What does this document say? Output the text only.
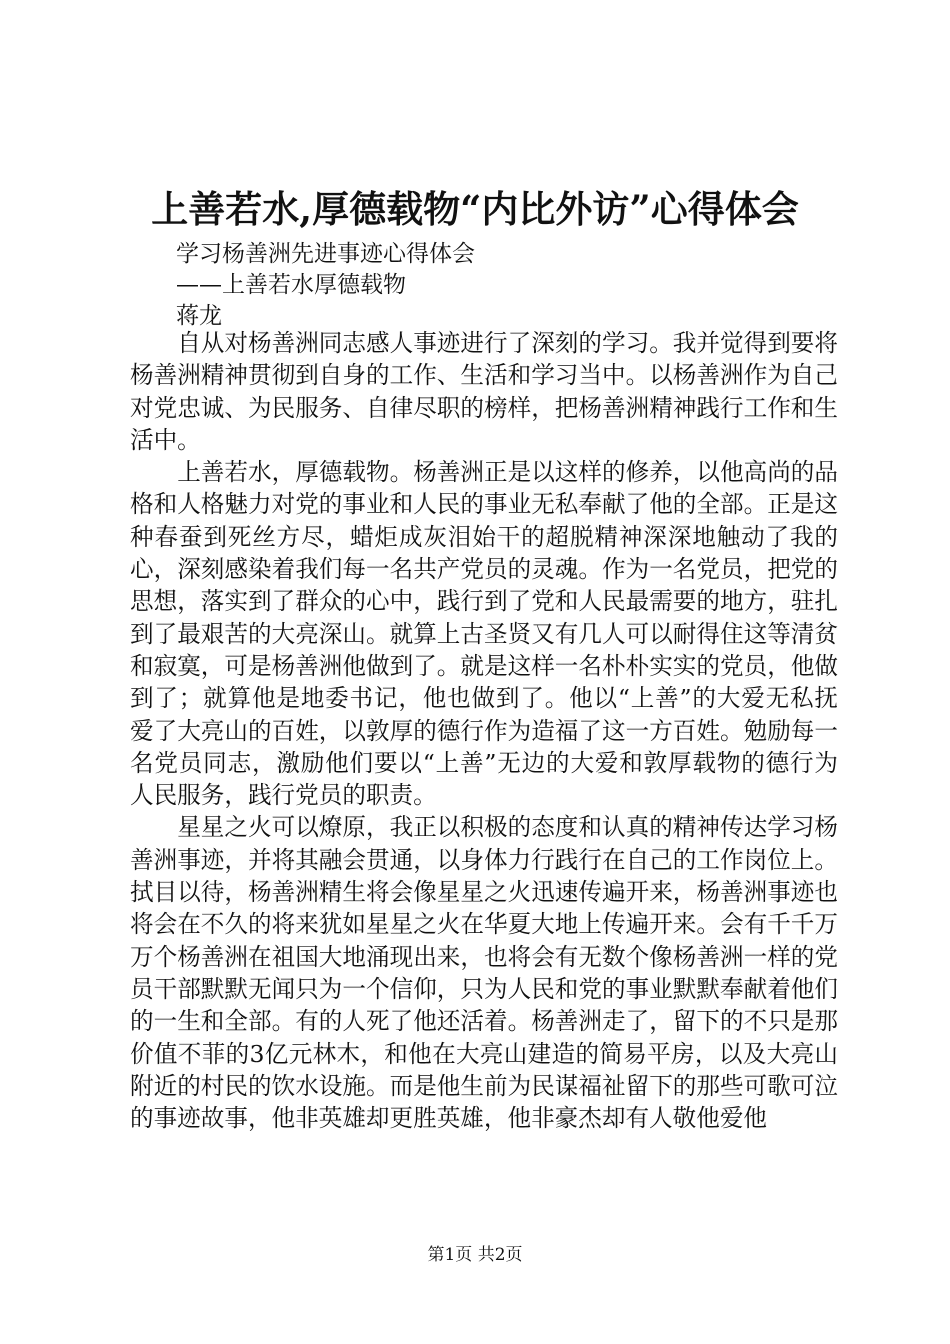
上善若水,厚德载物“内比外访”心得体会
学习杨善洲先进事迹心得体会
——上善若水厚德载物
蒋龙

自从对杨善洲同志感人事迹进行了深刻的学习。我并觉得到要将杨善洲精神贯彻到自身的工作、生活和学习当中。以杨善洲作为自己对党忠诚、为民服务、自律尽职的榜样，把杨善洲精神践行工作和生活中。

上善若水，厚德载物。杨善洲正是以这样的修养，以他高尚的品格和人格魅力对党的事业和人民的事业无私奉献了他的全部。正是这种春蚕到死丝方尽，蜡炬成灰泪始干的超脱精神深深地触动了我的心，深刻感染着我们每一名共产党员的灵魂。作为一名党员，把党的思想，落实到了群众的心中，践行到了党和人民最需要的地方，驻扎到了最艰苦的大亮深山。就算上古圣贤又有几人可以耐得住这等清贫和寂寞，可是杨善洲他做到了。就是这样一名朴朴实实的党员，他做到了；就算他是地委书记，他也做到了。他以“上善”的大爱无私抚爱了大亮山的百姓，以敦厚的德行作为造福了这一方百姓。勉励每一名党员同志，激励他们要以“上善”无边的大爱和敦厚载物的德行为人民服务，践行党员的职责。

星星之火可以燎原，我正以积极的态度和认真的精神传达学习杨善洲事迹，并将其融会贯通，以身体力行践行在自己的工作岗位上。拭目以待，杨善洲精生将会像星星之火迅速传遍开来，杨善洲事迹也将会在不久的将来犹如星星之火在华夏大地上传遍开来。会有千千万万个杨善洲在祖国大地涌现出来，也将会有无数个像杨善洲一样的党员干部默默无闻只为一个信仰，只为人民和党的事业默默奉献着他们的一生和全部。有的人死了他还活着。杨善洲走了，留下的不只是那价值不菲的3亿元林木，和他在大亮山建造的简易平房，以及大亮山附近的村民的饮水设施。而是他生前为民谋福祉留下的那些可歌可泣的事迹故事，他非英雄却更胜英雄，他非豪杰却有人敬他爱他

第1页 共2页
